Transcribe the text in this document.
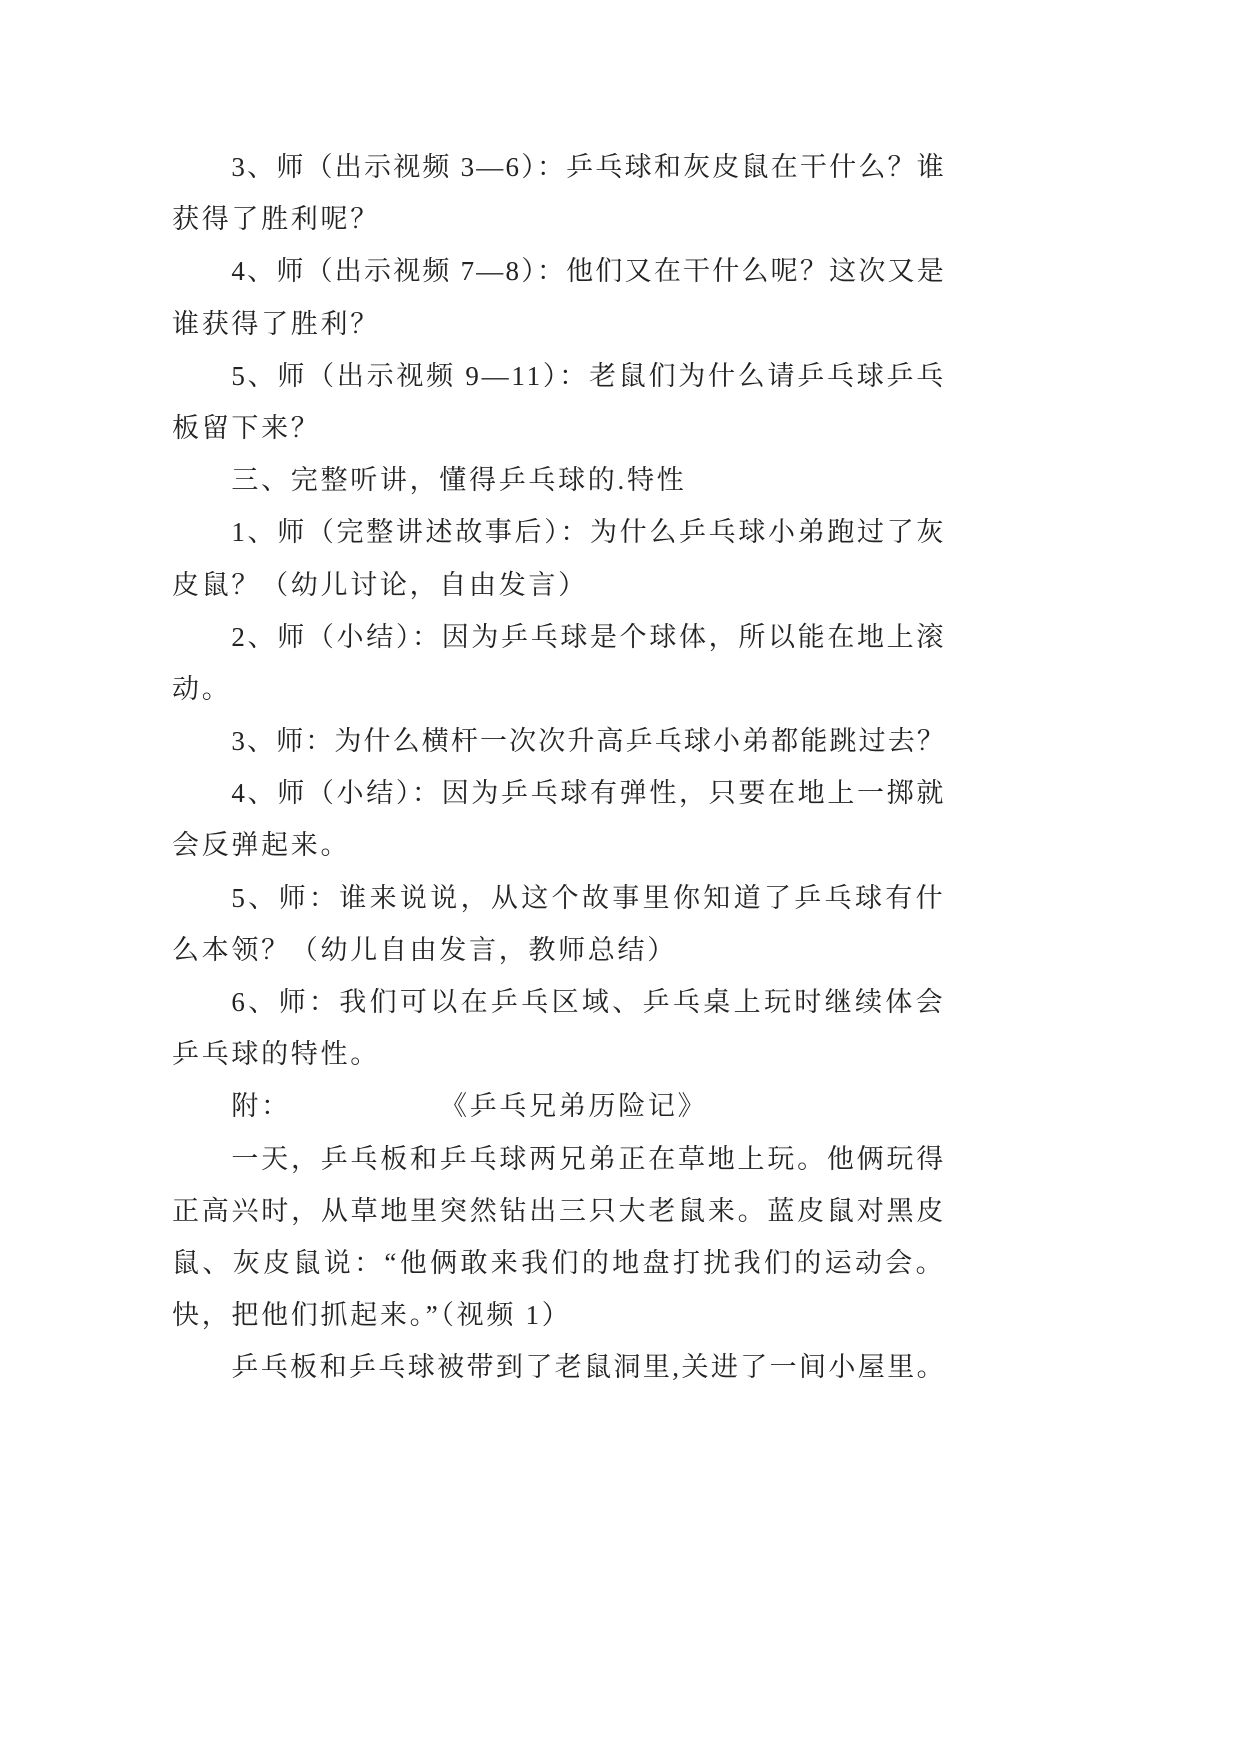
3、师（出示视频 3—6）：乒乓球和灰皮鼠在干什么？谁
获得了胜利呢？
4、师（出示视频 7—8）：他们又在干什么呢？这次又是
谁获得了胜利？
5、师（出示视频 9—11）：老鼠们为什么请乒乓球乒乓
板留下来？
三、完整听讲，懂得乒乓球的.特性
1、师（完整讲述故事后）：为什么乒乓球小弟跑过了灰
皮鼠？（幼儿讨论，自由发言）
2、师（小结）：因为乒乓球是个球体，所以能在地上滚
动。
3、师：为什么横杆一次次升高乒乓球小弟都能跳过去？
4、师（小结）：因为乒乓球有弹性，只要在地上一掷就
会反弹起来。
5、师：谁来说说，从这个故事里你知道了乒乓球有什
么本领？（幼儿自由发言，教师总结）
6、师：我们可以在乒乓区域、乒乓桌上玩时继续体会
乒乓球的特性。
附：	《乒乓兄弟历险记》
一天，乒乓板和乒乓球两兄弟正在草地上玩。他俩玩得
正高兴时，从草地里突然钻出三只大老鼠来。蓝皮鼠对黑皮
鼠、灰皮鼠说：“他俩敢来我们的地盘打扰我们的运动会。
快，把他们抓起来。”（视频 1）
乒乓板和乒乓球被带到了老鼠洞里,关进了一间小屋里。
